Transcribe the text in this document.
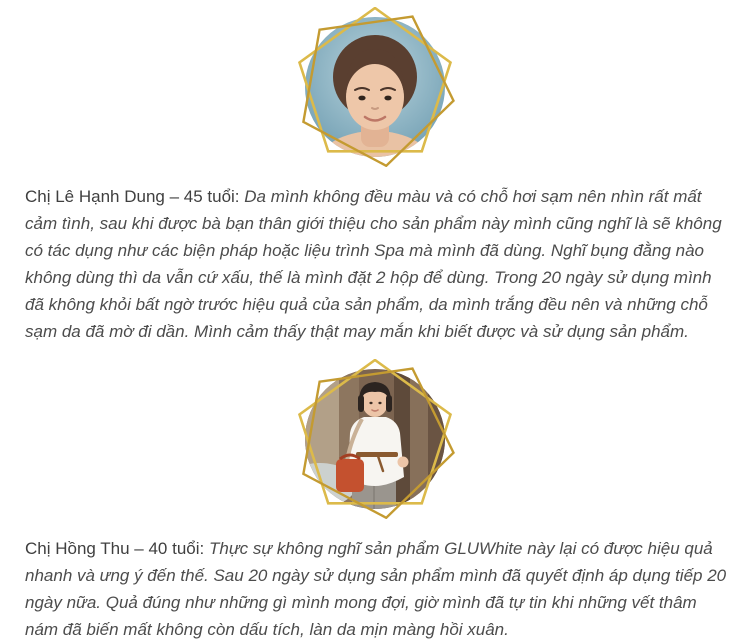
Chị Lê Hạnh Dung – 45 tuổi: Da mình không đều màu và có chỗ hơi sạm nên nhìn rất mất cảm tình, sau khi được bà bạn thân giới thiệu cho sản phẩm này mình cũng nghĩ là sẽ không có tác dụng như các biện pháp hoặc liệu trình Spa mà mình đã dùng. Nghĩ bụng đằng nào không dùng thì da vẫn cứ xấu, thế là mình đặt 2 hộp để dùng. Trong 20 ngày sử dụng mình đã không khỏi bất ngờ trước hiệu quả của sản phẩm, da mình trắng đều nên và những chỗ sạm da đã mờ đi dần. Mình cảm thấy thật may mắn khi biết được và sử dụng sản phẩm.

Chị Hồng Thu – 40 tuổi: Thực sự không nghĩ sản phẩm GLUWhite này lại có được hiệu quả nhanh và ưng ý đến thế. Sau 20 ngày sử dụng sản phẩm mình đã quyết định áp dụng tiếp 20 ngày nữa. Quả đúng như những gì mình mong đợi, giờ mình đã tự tin khi những vết thâm nám đã biến mất không còn dấu tích, làn da mịn màng hồi xuân.
